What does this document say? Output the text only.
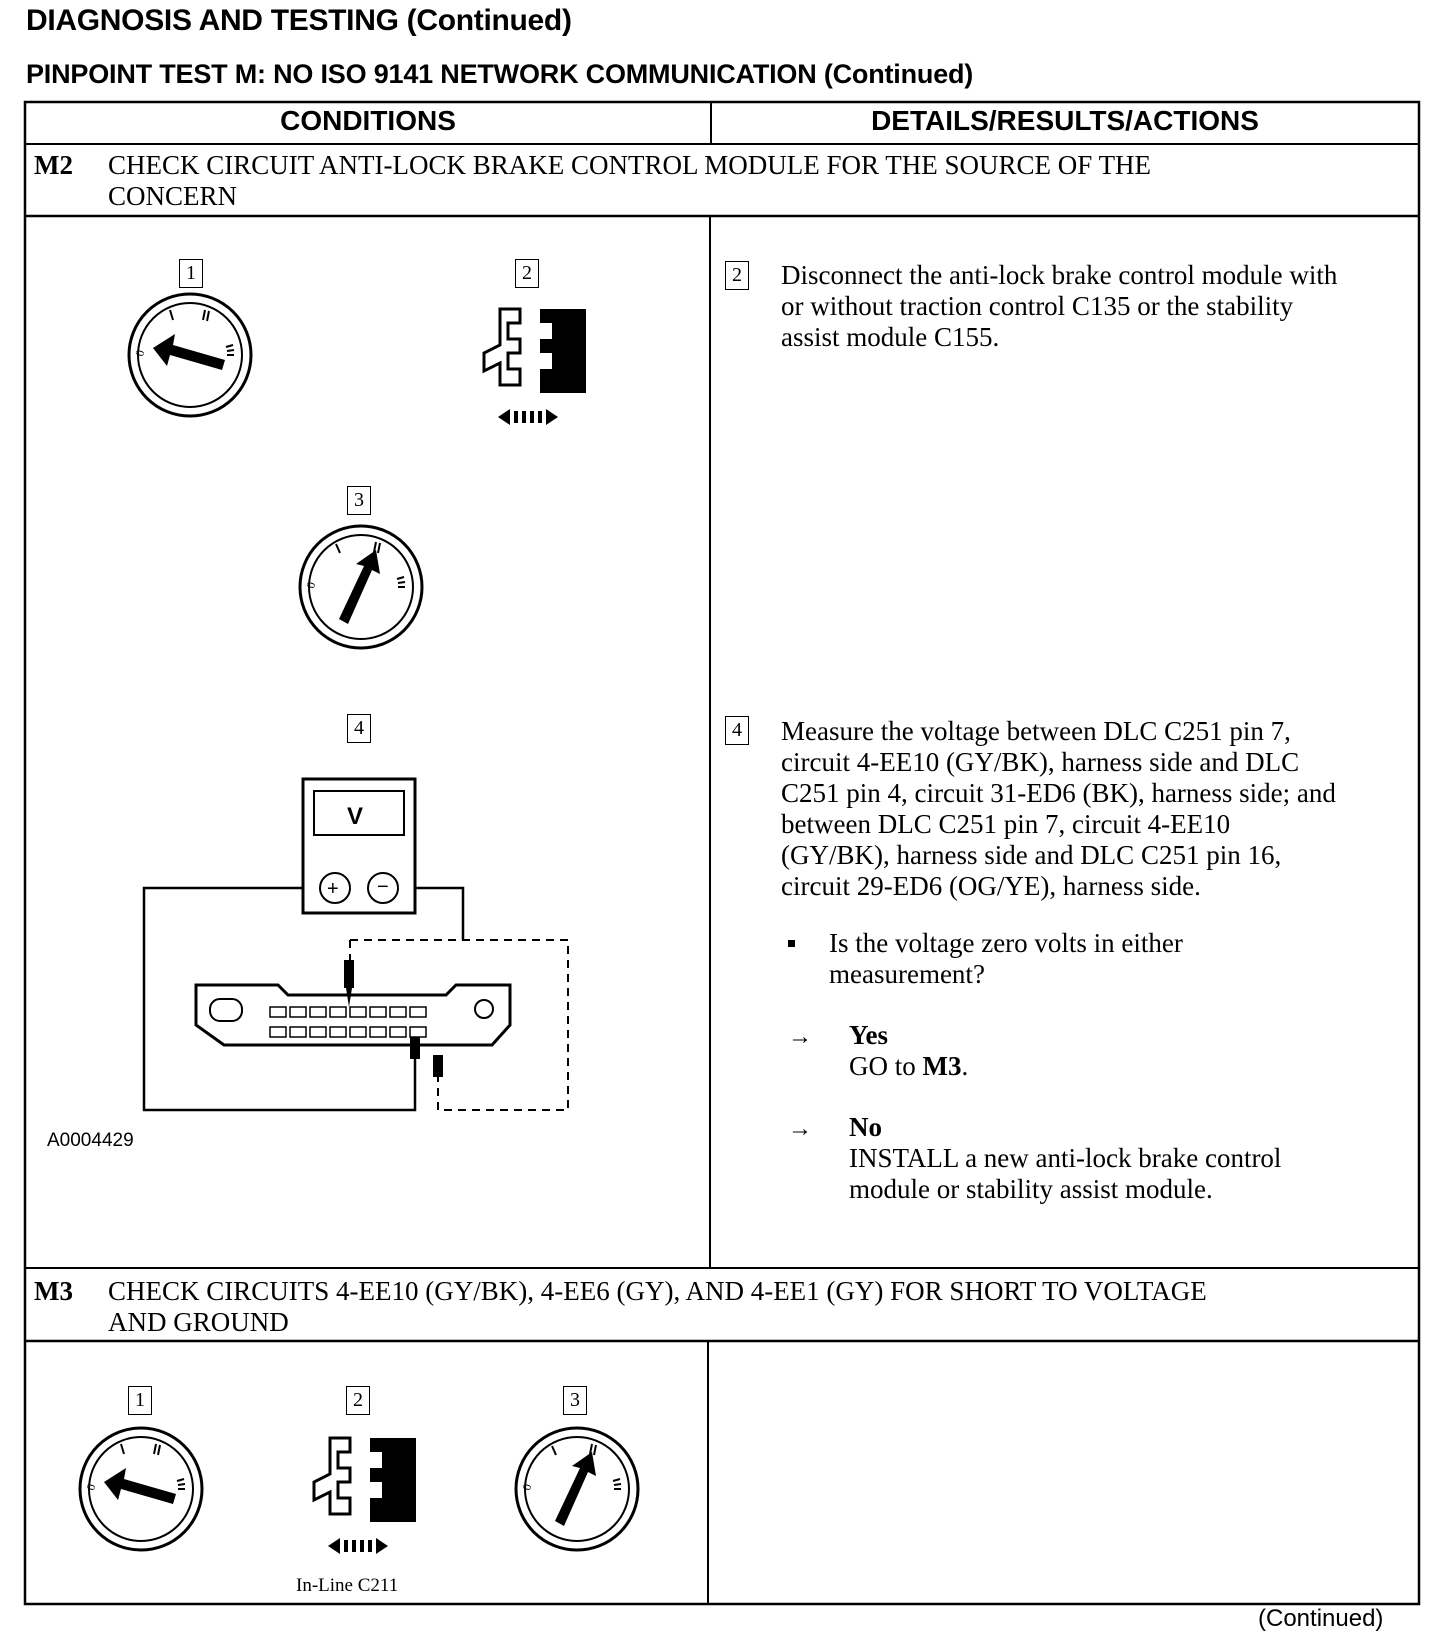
DIAGNOSIS AND TESTING (Continued)
PINPOINT TEST M: NO ISO 9141 NETWORK COMMUNICATION (Continued)
CONDITIONS	DETAILS/RESULTS/ACTIONS
M2 CHECK CIRCUIT ANTI-LOCK BRAKE CONTROL MODULE FOR THE SOURCE OF THE
CONCERN
1	2
3
4
0
0
V
+ −
A0004429
2 Disconnect the anti-lock brake control module with
or without traction control C135 or the stability
assist module C155.
4 Measure the voltage between DLC C251 pin 7,
circuit 4-EE10 (GY/BK), harness side and DLC
C251 pin 4, circuit 31-ED6 (BK), harness side; and
between DLC C251 pin 7, circuit 4-EE10
(GY/BK), harness side and DLC C251 pin 16,
circuit 29-ED6 (OG/YE), harness side.
Is the voltage zero volts in either
measurement?
→ Yes
GO to M3.
→ No
INSTALL a new anti-lock brake control
module or stability assist module.
M3 CHECK CIRCUITS 4-EE10 (GY/BK), 4-EE6 (GY), AND 4-EE1 (GY) FOR SHORT TO VOLTAGE
AND GROUND
1	2	3
0
In-Line C211
0
(Continued)
